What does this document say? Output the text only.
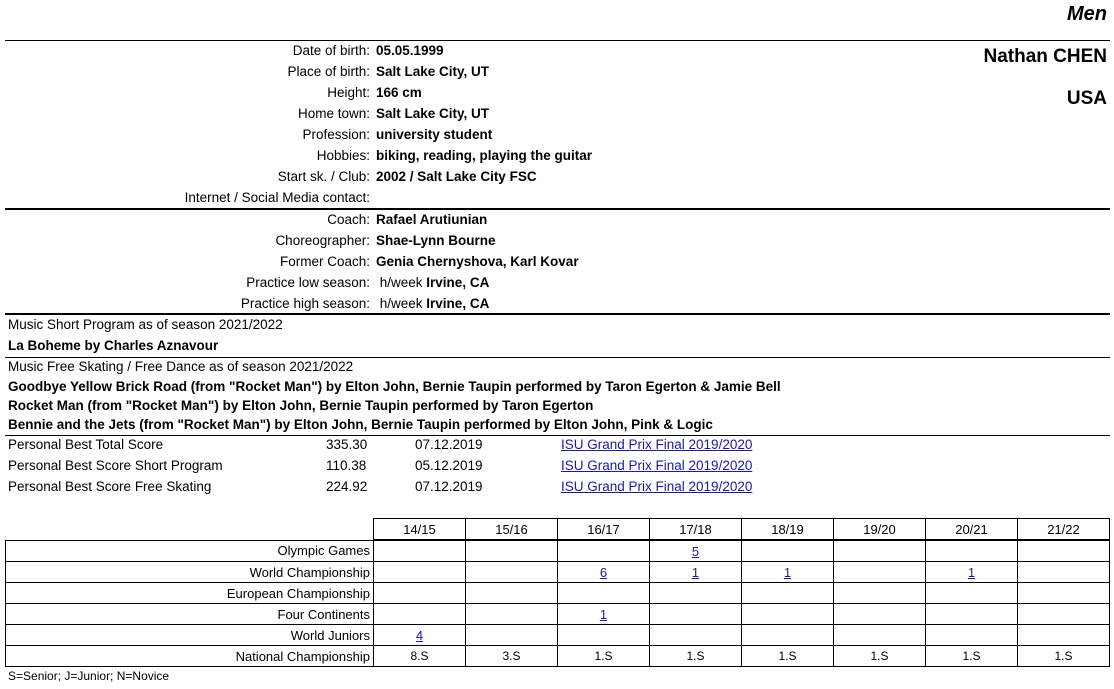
Men
Nathan CHEN
USA
Date of birth: 05.05.1999
Place of birth: Salt Lake City, UT
Height: 166 cm
Home town: Salt Lake City, UT
Profession: university student
Hobbies: biking, reading, playing the guitar
Start sk. / Club: 2002 / Salt Lake City FSC
Internet / Social Media contact:
Coach: Rafael Arutiunian
Choreographer: Shae-Lynn Bourne
Former Coach: Genia Chernyshova, Karl Kovar
Practice low season: h/week Irvine, CA
Practice high season: h/week Irvine, CA
Music Short Program as of season 2021/2022
La Boheme by Charles Aznavour
Music Free Skating / Free Dance as of season 2021/2022
Goodbye Yellow Brick Road (from "Rocket Man") by Elton John, Bernie Taupin performed by Taron Egerton & Jamie Bell
Rocket Man (from "Rocket Man") by Elton John, Bernie Taupin performed by Taron Egerton
Bennie and the Jets (from "Rocket Man") by Elton John, Bernie Taupin performed by Elton John, Pink & Logic
Personal Best Total Score	335.30	07.12.2019	ISU Grand Prix Final 2019/2020
Personal Best Score Short Program	110.38	05.12.2019	ISU Grand Prix Final 2019/2020
Personal Best Score Free Skating	224.92	07.12.2019	ISU Grand Prix Final 2019/2020
	14/15	15/16	16/17	17/18	18/19	19/20	20/21	21/22
Olympic Games				5				
World Championship			6	1	1		1	
European Championship								
Four Continents			1					
World Juniors	4							
National Championship	8.S	3.S	1.S	1.S	1.S	1.S	1.S	1.S
S=Senior; J=Junior; N=Novice
